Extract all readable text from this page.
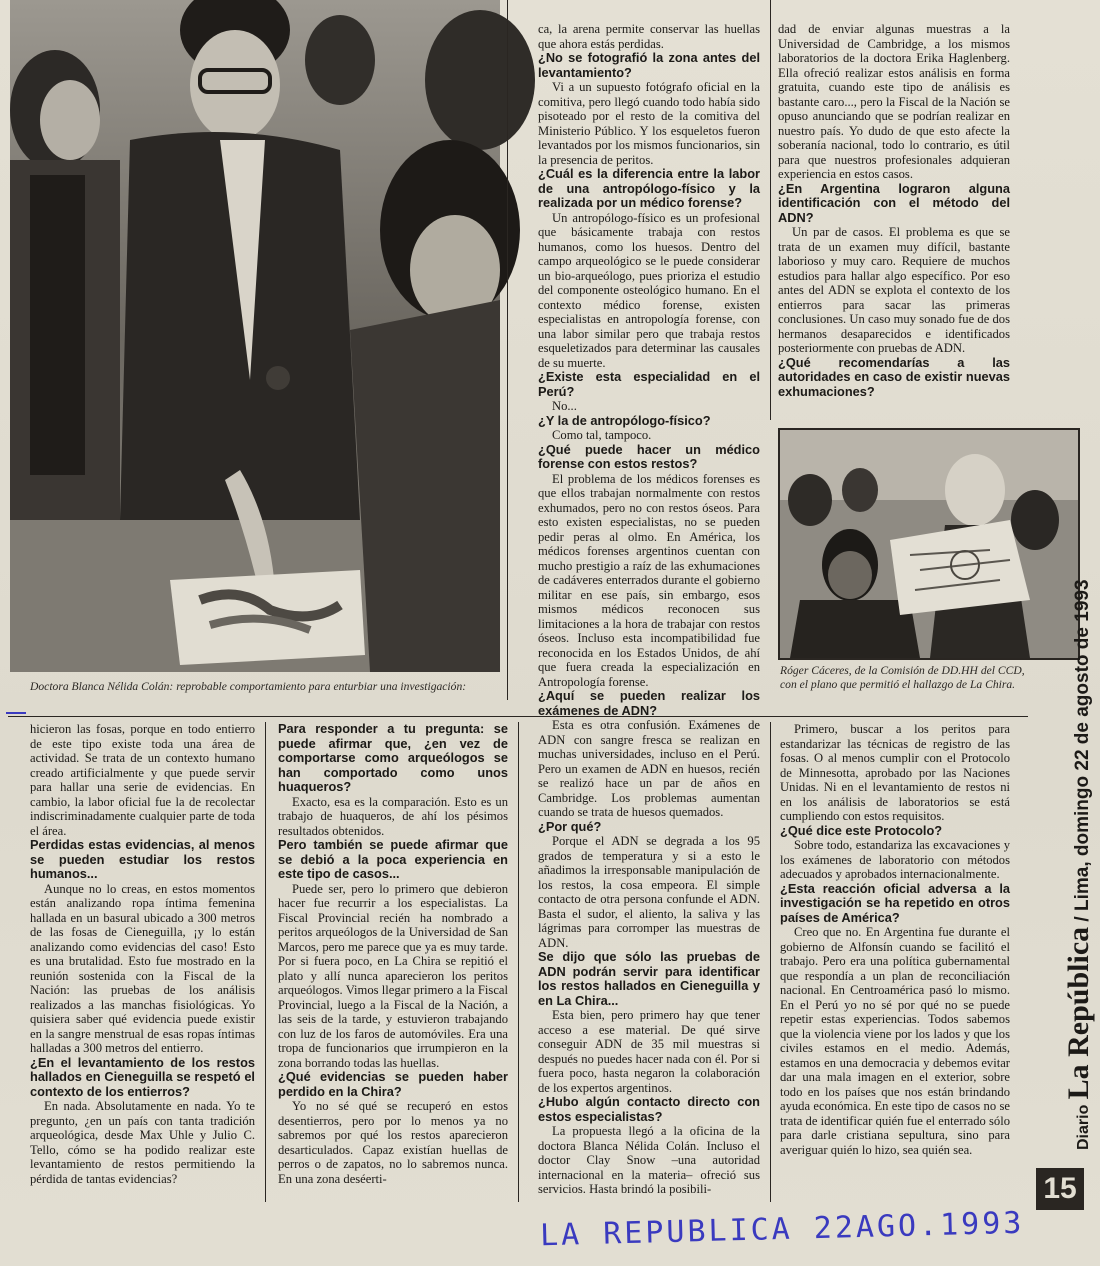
Doctora Blanca Nélida Colán: reprobable comportamiento para enturbiar una investigación:

ca, la arena permite conservar las huellas que ahora estás perdidas.

¿No se fotografió la zona antes del levantamiento?

Vi a un supuesto fotógrafo oficial en la comitiva, pero llegó cuando todo había sido pisoteado por el resto de la comitiva del Ministerio Público. Y los esqueletos fueron levantados por los mismos funcionarios, sin la presencia de peritos.

¿Cuál es la diferencia entre la labor de una antropólogo-físico y la realizada por un médico forense?

Un antropólogo-físico es un profesional que básicamente trabaja con restos humanos, como los huesos. Dentro del campo arqueológico se le puede considerar un bio-arqueólogo, pues prioriza el estudio del componente osteológico humano. En el contexto médico forense, existen especialistas en antropología forense, con una labor similar pero que trabaja restos esqueletizados para determinar las causales de su muerte.

¿Existe esta especialidad en el Perú?

No...

¿Y la de antropólogo-físico?

Como tal, tampoco.

¿Qué puede hacer un médico forense con estos restos?

El problema de los médicos forenses es que ellos trabajan normalmente con restos exhumados, pero no con restos óseos. Para esto existen especialistas, no se pueden pedir peras al olmo. En América, los médicos forenses argentinos cuentan con mucho prestigio a raíz de las exhumaciones de cadáveres enterrados durante el gobierno militar en ese país, sin embargo, esos mismos médicos reconocen sus limitaciones a la hora de trabajar con restos óseos. Incluso esta incompatibilidad fue reconocida en los Estados Unidos, de ahí que fuera creada la especialización en Antropología forense.

¿Aquí se pueden realizar los exámenes de ADN?

Esta es otra confusión. Exámenes de ADN con sangre fresca se realizan en muchas universidades, incluso en el Perú. Pero un examen de ADN en huesos, recién se realizó hace un par de años en Cambridge. Los problemas aumentan cuando se trata de huesos quemados.

¿Por qué?

Porque el ADN se degrada a los 95 grados de temperatura y si a esto le añadimos la irresponsable manipulación de los restos, la cosa empeora. El simple contacto de otra persona confunde el ADN. Basta el sudor, el aliento, la saliva y las lágrimas para corromper las muestras de ADN.

Se dijo que sólo las pruebas de ADN podrán servir para identificar los restos hallados en Cieneguilla y en La Chira...

Esta bien, pero primero hay que tener acceso a ese material. De qué sirve conseguir ADN de 35 mil muestras si después no puedes hacer nada con él. Por si fuera poco, hasta negaron la colaboración de los expertos argentinos.

¿Hubo algún contacto directo con estos especialistas?

La propuesta llegó a la oficina de la doctora Blanca Nélida Colán. Incluso el doctor Clay Snow –una autoridad internacional en la materia– ofreció sus servicios. Hasta brindó la posibili-

dad de enviar algunas muestras a la Universidad de Cambridge, a los mismos laboratorios de la doctora Erika Haglenberg. Ella ofreció realizar estos análisis en forma gratuita, cuando este tipo de análisis es bastante caro..., pero la Fiscal de la Nación se opuso anunciando que se podrían realizar en nuestro país. Yo dudo de que esto afecte la soberanía nacional, todo lo contrario, es útil para que nuestros profesionales adquieran experiencia en estos casos.

¿En Argentina lograron alguna identificación con el método del ADN?

Un par de casos. El problema es que se trata de un examen muy difícil, bastante laborioso y muy caro. Requiere de muchos estudios para hallar algo específico. Por eso antes del ADN se explota el contexto de los entierros para sacar las primeras conclusiones. Un caso muy sonado fue de dos hermanos desaparecidos e identificados posteriormente con pruebas de ADN.

¿Qué recomendarías a las autoridades en caso de existir nuevas exhumaciones?

Róger Cáceres, de la Comisión de DD.HH del CCD, con el plano que permitió el hallazgo de La Chira.

hicieron las fosas, porque en todo entierro de este tipo existe toda una área de actividad. Se trata de un contexto humano creado artificialmente y que puede servir para hallar una serie de evidencias. En cambio, la labor oficial fue la de recolectar indiscriminadamente cualquier parte de toda el área.

Perdidas estas evidencias, al menos se pueden estudiar los restos humanos...

Aunque no lo creas, en estos momentos están analizando ropa íntima femenina hallada en un basural ubicado a 300 metros de las fosas de Cieneguilla, ¡y lo están analizando como evidencias del caso! Esto es una brutalidad. Esto fue mostrado en la reunión sostenida con la Fiscal de la Nación: las pruebas de los análisis realizados a las manchas fisiológicas. Yo quisiera saber qué evidencia puede existir en la sangre menstrual de esas ropas íntimas halladas a 300 metros del entierro.

¿En el levantamiento de los restos hallados en Cieneguilla se respetó el contexto de los entierros?

En nada. Absolutamente en nada. Yo te pregunto, ¿en un país con tanta tradición arqueológica, desde Max Uhle y Julio C. Tello, cómo se ha podido realizar este levantamiento de restos permitiendo la pérdida de tantas evidencias?

Para responder a tu pregunta: se puede afirmar que, ¿en vez de comportarse como arqueólogos se han comportado como unos huaqueros?

Exacto, esa es la comparación. Esto es un trabajo de huaqueros, de ahí los pésimos resultados obtenidos.

Pero también se puede afirmar que se debió a la poca experiencia en este tipo de casos...

Puede ser, pero lo primero que debieron hacer fue recurrir a los especialistas. La Fiscal Provincial recién ha nombrado a peritos arqueólogos de la Universidad de San Marcos, pero me parece que ya es muy tarde. Por si fuera poco, en La Chira se repitió el plato y allí nunca aparecieron los peritos arqueólogos. Vimos llegar primero a la Fiscal Provincial, luego a la Fiscal de la Nación, a las seis de la tarde, y estuvieron trabajando con luz de los faros de automóviles. Era una tropa de funcionarios que irrumpieron en la zona borrando todas las huellas.

¿Qué evidencias se pueden haber perdido en la Chira?

Yo no sé qué se recuperó en estos desentierros, pero por lo menos ya no sabremos por qué los restos aparecieron desarticulados. Capaz existían huellas de perros o de zapatos, no lo sabremos nunca. En una zona deséerti-

Primero, buscar a los peritos para estandarizar las técnicas de registro de las fosas. O al menos cumplir con el Protocolo de Minnesotta, aprobado por las Naciones Unidas. Ni en el levantamiento de restos ni en los análisis de laboratorios se está cumpliendo con estos requisitos.

¿Qué dice este Protocolo?

Sobre todo, estandariza las excavaciones y los exámenes de laboratorio con métodos adecuados y aprobados internacionalmente.

¿Esta reacción oficial adversa a la investigación se ha repetido en otros países de América?

Creo que no. En Argentina fue durante el gobierno de Alfonsín cuando se facilitó el trabajo. Pero era una política gubernamental que respondía a un plan de reconciliación nacional. En Centroamérica pasó lo mismo. En el Perú yo no sé por qué no se puede repetir estas experiencias. Todos sabemos que la violencia viene por los lados y que los civiles estamos en el medio. Además, estamos en una democracia y debemos evitar dar una mala imagen en el exterior, sobre todo en los países que nos están brindando ayuda económica. En este tipo de casos no se trata de identificar quién fue el enterrado sólo para darle cristiana sepultura, sino para averiguar quién lo hizo, sea quién sea.	Diario La República / Lima, domingo 22 de agosto de 1993
15
LA REPUBLICA 22AGO.1993
